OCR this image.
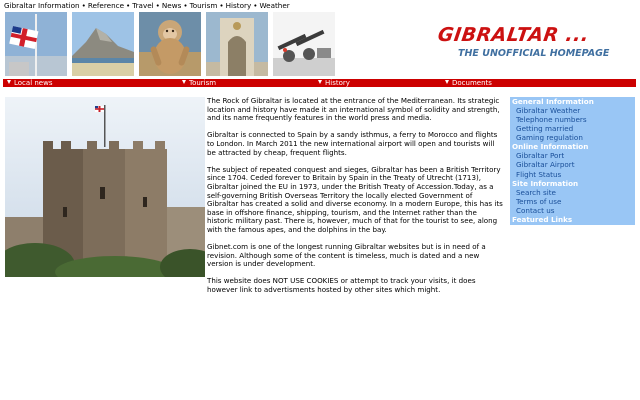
Gibraltar Information • Reference • Travel • News • Tourism • History • Weather
GIBRALTAR ...
THE UNOFFICIAL HOMEPAGE
Local news	Tourism	History	Documents

The Rock of Gibraltar is located at the entrance of the Mediterranean. Its strategic location and history have made it an international symbol of solidity and strength, and its name frequently features in the world press and media.

Gibraltar is connected to Spain by a sandy isthmus, a ferry to Morocco and flights to London. In March 2011 the new international airport will open and tourists will be attracted by cheap, frequent flights.

The subject of repeated conquest and sieges, Gibraltar has been a British Territory since 1704. Ceded forever to Britain by Spain in the Treaty of Utrecht (1713), Gibraltar joined the EU in 1973, under the British Treaty of Accession.Today, as a self-governing British Overseas Territory the locally elected Government of Gibraltar has created a solid and diverse economy. In a modern Europe, this has its base in offshore finance, shipping, tourism, and the Internet rather than the historic military past. There is, however, much of that for the tourist to see, along with the famous apes, and the dolphins in the bay.

Gibnet.com is one of the longest running Gibraltar websites but is in need of a revision. Although some of the content is timeless, much is dated and a new version is under development.

This website does NOT USE COOKIES or attempt to track your visits, it does however link to advertisments hosted by other sites which might.

General Information
Gibraltar Weather
Telephone numbers
Getting married
Gaming regulation
Online Information
Gibraltar Port
Gibraltar Airport
Flight Status
Site Information
Search site
Terms of use
Contact us
Featured Links
